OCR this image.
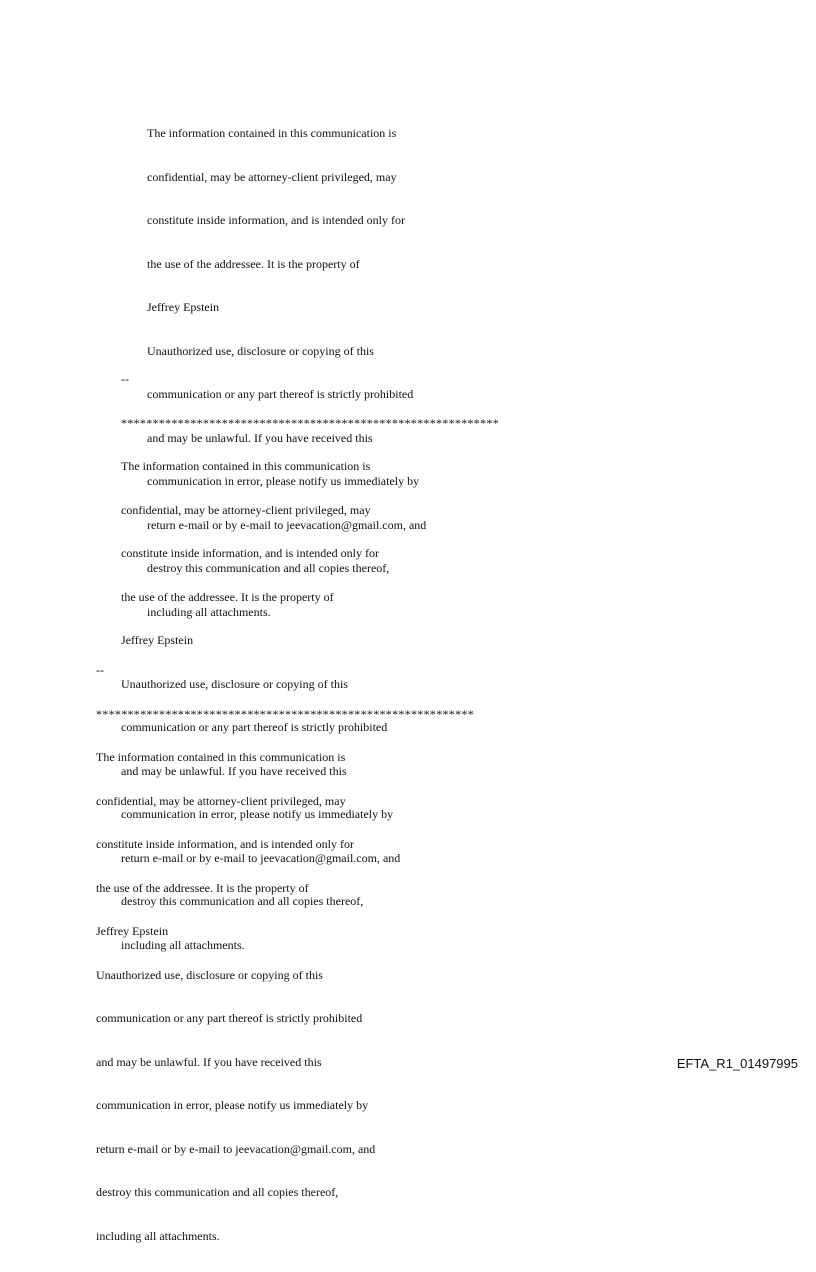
The information contained in this communication is

confidential, may be attorney-client privileged, may

constitute inside information, and is intended only for

the use of the addressee. It is the property of

Jeffrey Epstein

Unauthorized use, disclosure or copying of this

communication or any part thereof is strictly prohibited

and may be unlawful. If you have received this

communication in error, please notify us immediately by

return e-mail or by e-mail to jeevacation@gmail.com, and

destroy this communication and all copies thereof,

including all attachments.

--

************************************************************

The information contained in this communication is

confidential, may be attorney-client privileged, may

constitute inside information, and is intended only for

the use of the addressee. It is the property of

Jeffrey Epstein

Unauthorized use, disclosure or copying of this

communication or any part thereof is strictly prohibited

and may be unlawful. If you have received this

communication in error, please notify us immediately by

return e-mail or by e-mail to jeevacation@gmail.com, and

destroy this communication and all copies thereof,

including all attachments.

--

************************************************************

The information contained in this communication is

confidential, may be attorney-client privileged, may

constitute inside information, and is intended only for

the use of the addressee. It is the property of

Jeffrey Epstein

Unauthorized use, disclosure or copying of this

communication or any part thereof is strictly prohibited

and may be unlawful. If you have received this

communication in error, please notify us immediately by

return e-mail or by e-mail to jeevacation@gmail.com, and

destroy this communication and all copies thereof,

including all attachments.

EFTA_R1_01497995
